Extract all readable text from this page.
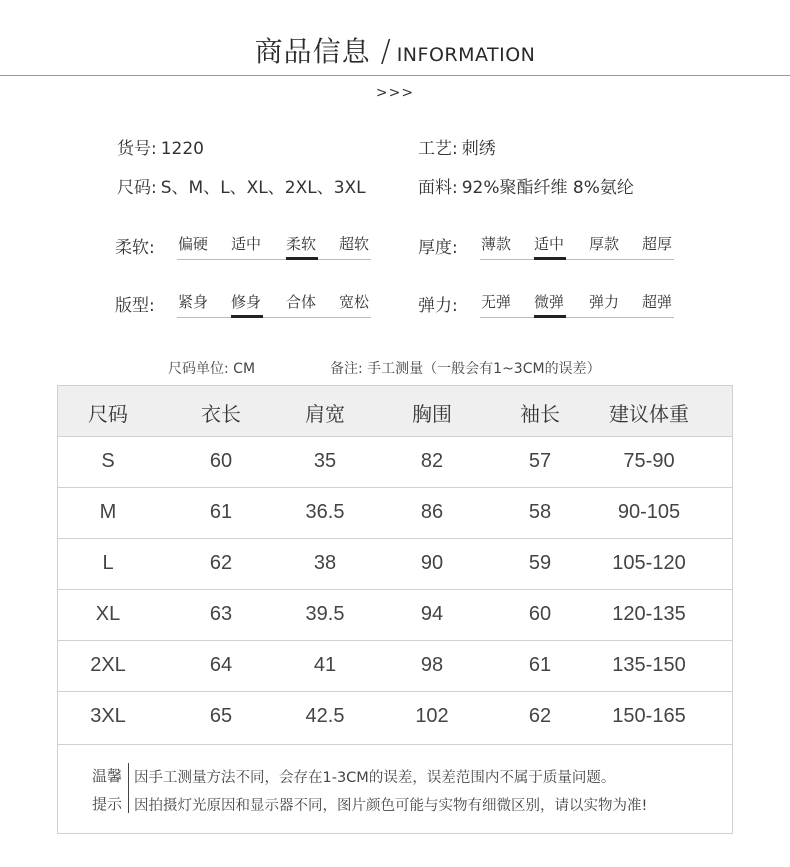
商品信息 / INFORMATION
>>>
货号: 1220	工艺: 刺绣
尺码: S、M、L、XL、2XL、3XL	面料: 92%聚酯纤维 8%氨纶
柔软: 偏硬 适中 柔软 超软	厚度: 薄款 适中 厚款 超厚
版型: 紧身 修身 合体 宽松	弹力: 无弹 微弹 弹力 超弹
尺码单位: CM	备注: 手工测量（一般会有1~3CM的误差）
尺码	衣长	肩宽	胸围	袖长 建议体重
S	60	35	82	57	75-90
M	61	36.5	86	58	90-105
L	62	38	90	59	105-120
XL	63	39.5	94	60	120-135
2XL	64	41	98	61	135-150
3XL	65	42.5	102	62	150-165
温馨
提示
因手工测量方法不同，会存在1-3CM的误差，误差范围内不属于质量问题。
因拍摄灯光原因和显示器不同，图片颜色可能与实物有细微区别，请以实物为准!
